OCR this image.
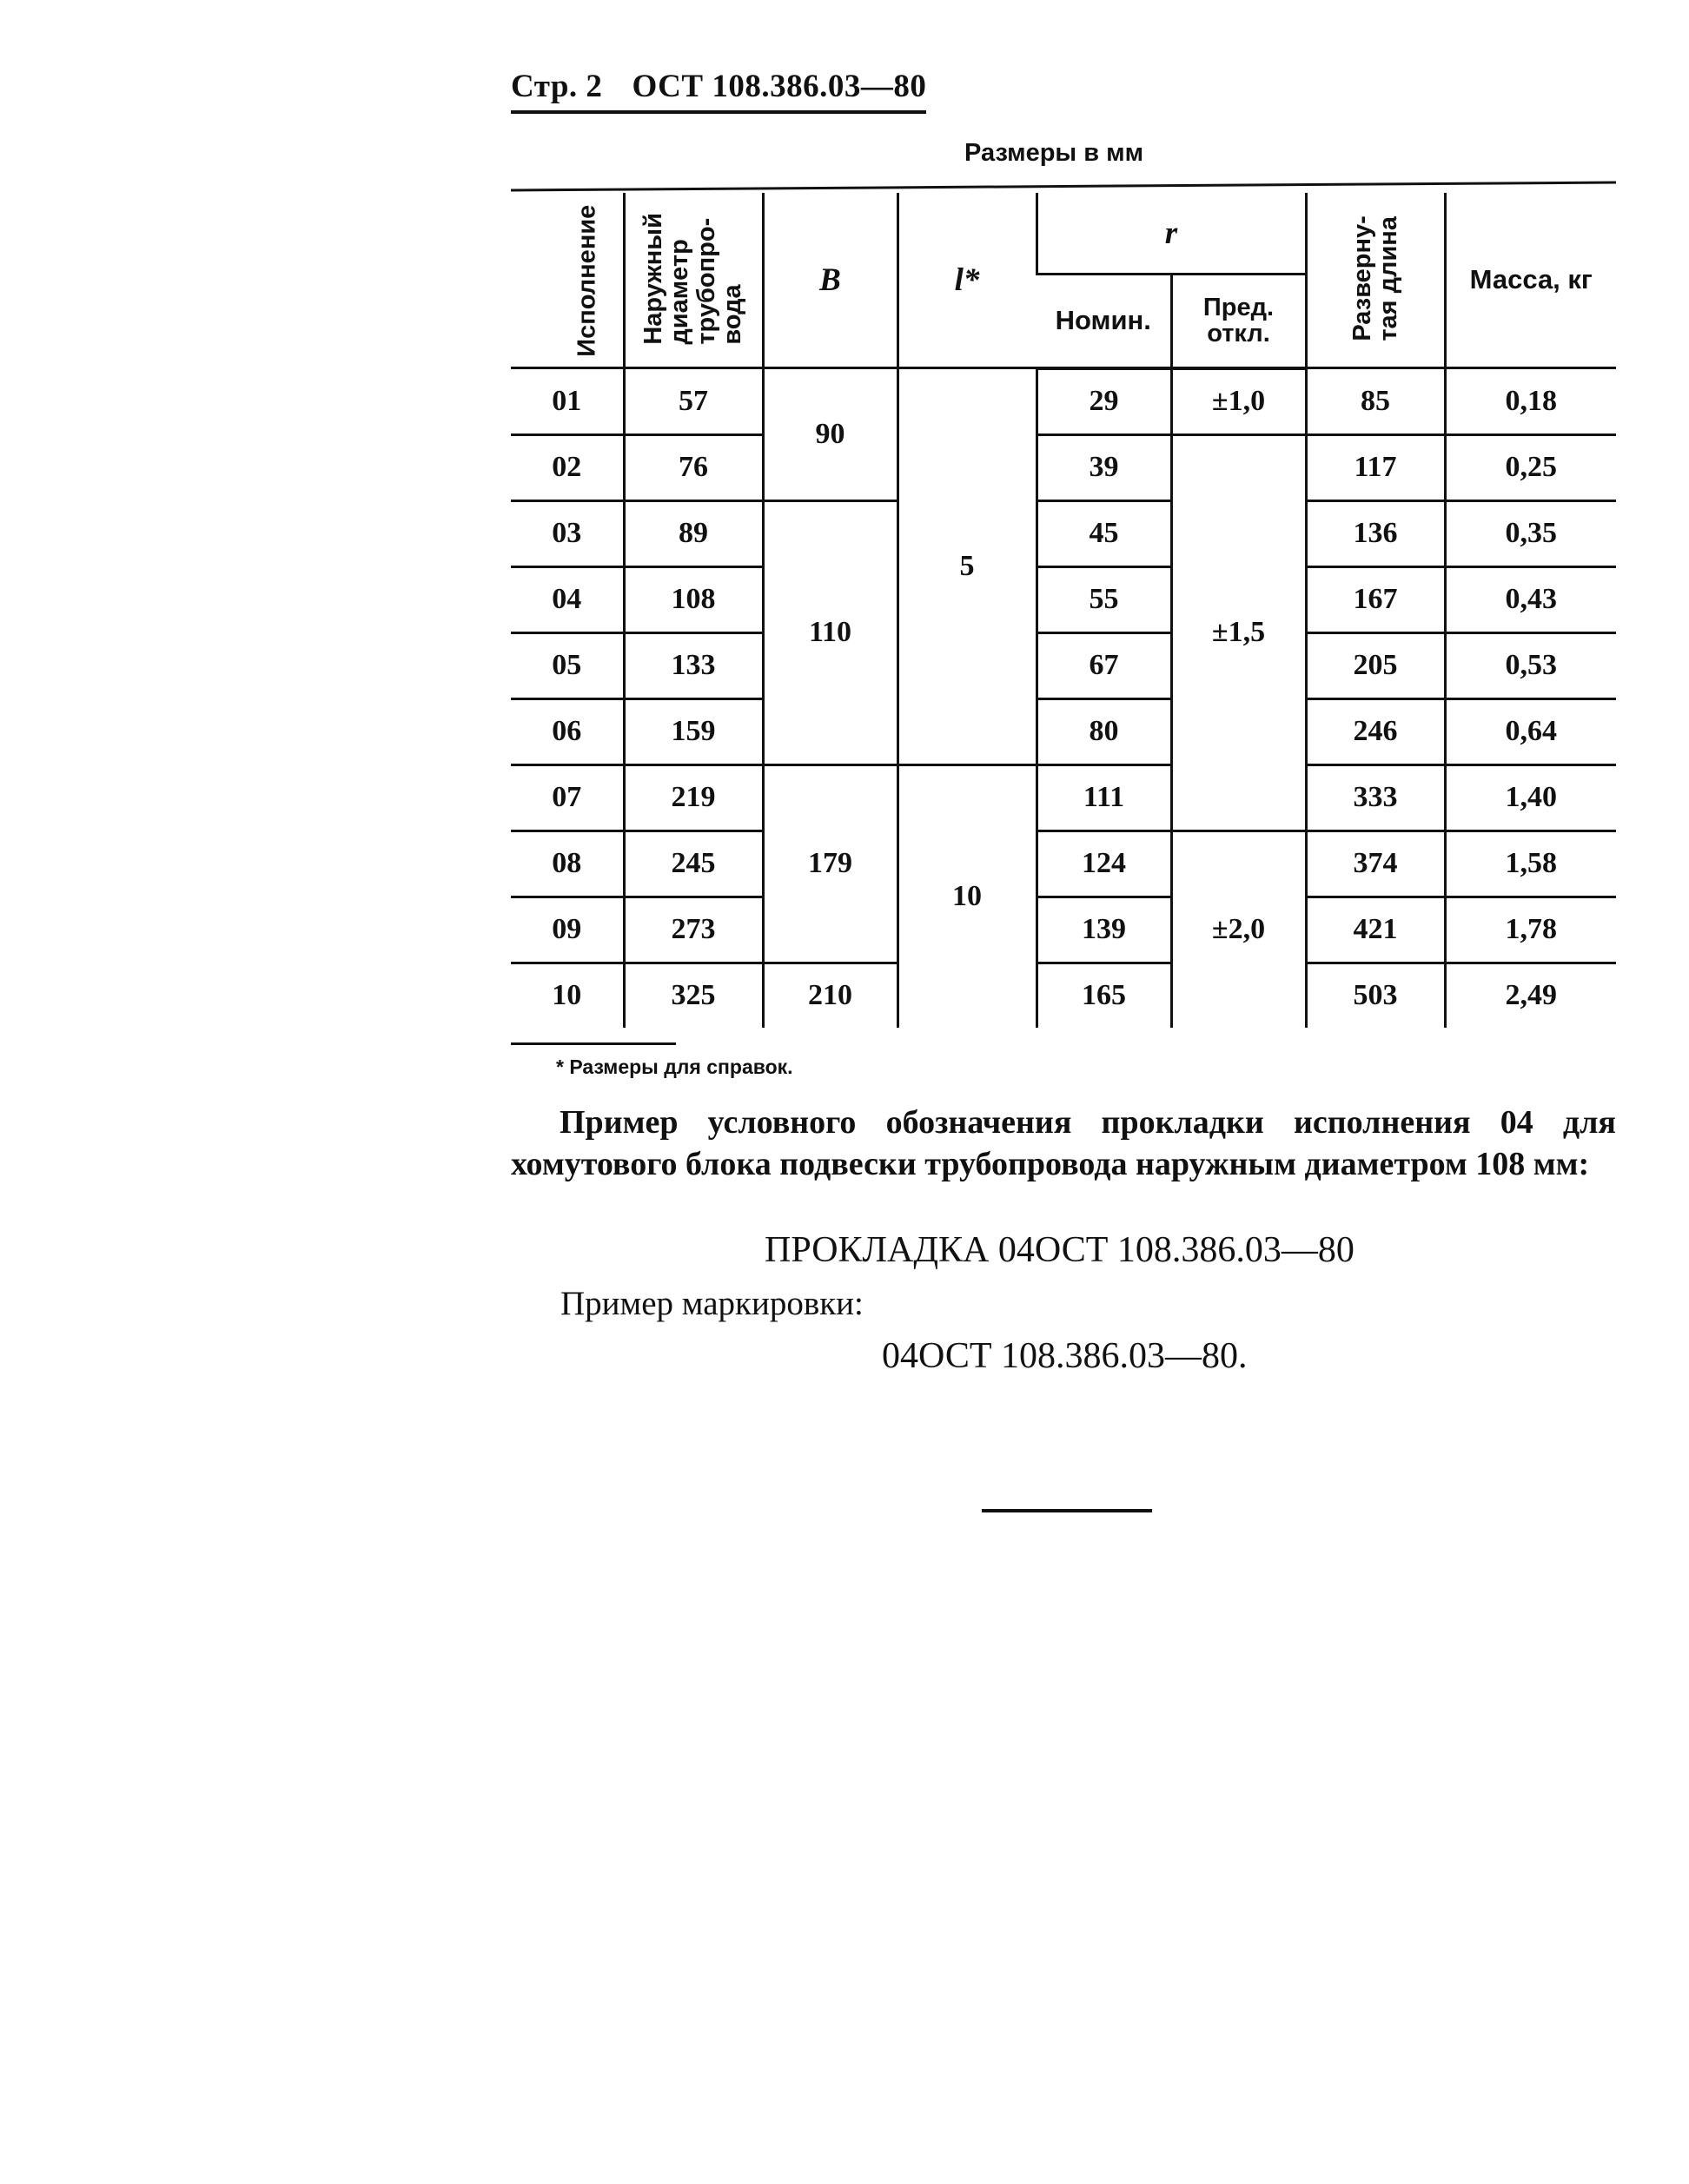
Стр. 2 ОСТ 108.386.03—80
Размеры в мм
Исполнение	Наружный
диаметр
трубопро-
вода	B	l*	r		Разверну-
тая длина	Масса, кг
				Номин.	Пред.
откл.		
01	57	90	5	29	±1,0	85	0,18
02	76			39	±1,5	117	0,25
03	89	110		45		136	0,35
04	108			55		167	0,43
05	133			67		205	0,53
06	159			80		246	0,64
07	219	179	10	111		333	1,40
08	245			124	±2,0	374	1,58
09	273			139		421	1,78
10	325	210		165		503	2,49
* Размеры для справок.
Пример условного обозначения прокладки исполнения 04 для хомутового блока подвески трубопровода наружным диаметром 108 мм:
ПРОКЛАДКА 04ОСТ 108.386.03—80
Пример маркировки:
04ОСТ 108.386.03—80.
